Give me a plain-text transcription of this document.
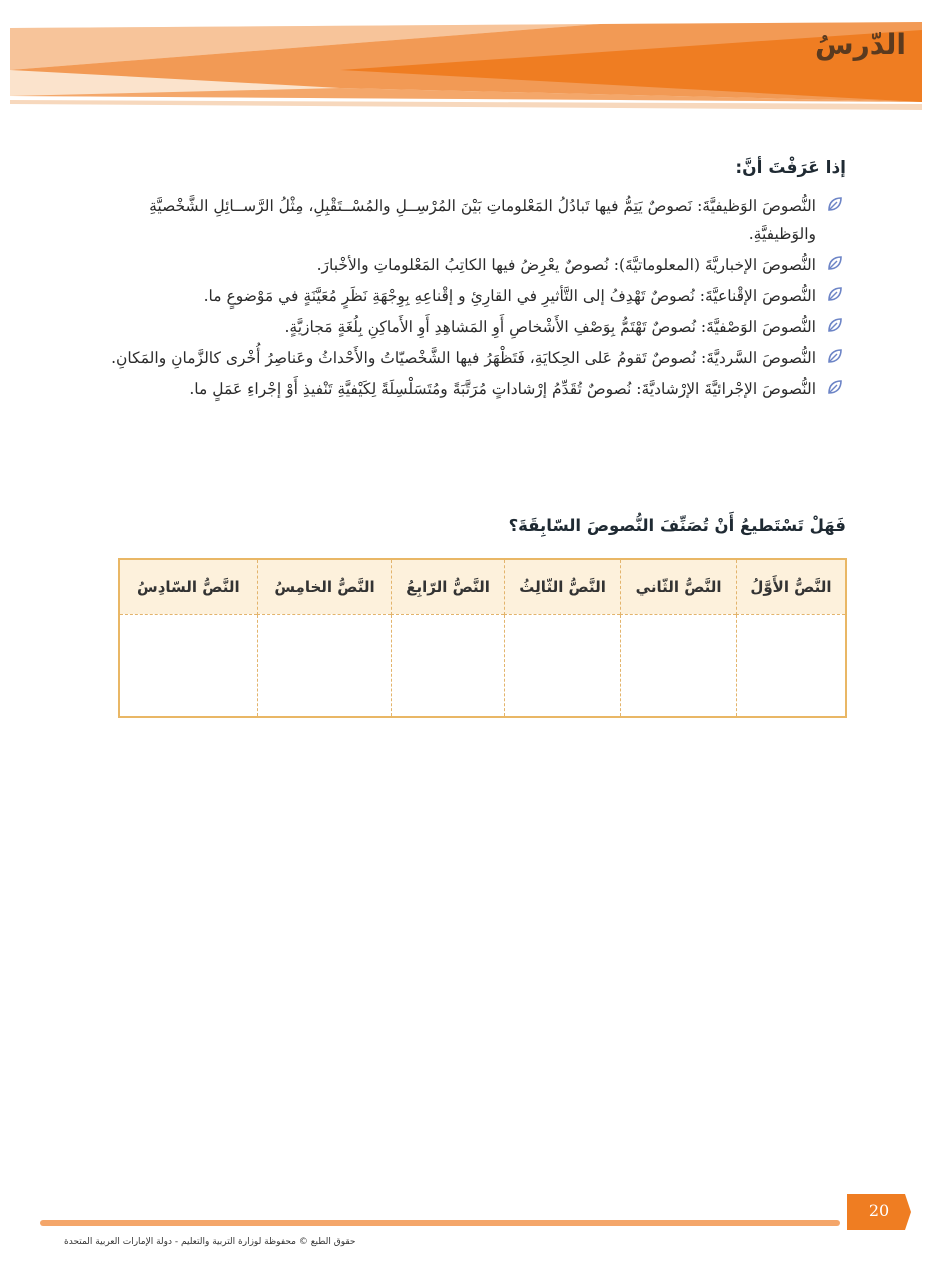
الدّرسُ
إذا عَرَفْتَ أنَّ:
النُّصوصَ الوَظيفيَّةَ: نَصوصٌ يَتِمُّ فيها تَبادُلُ المَعْلوماتِ بَيْنَ المُرْسِــلِ والمُسْــتَقْبِلِ، مِثْلُ الرَّســائِلِ الشَّخْصيَّةِ والوَظيفيَّةِ.
النُّصوصَ الإخباريَّةَ (المعلوماتيَّةَ): نُصوصٌ يعْرِضُ فيها الكاتِبُ المَعْلوماتِ والأخْبارَ.
النُّصوصَ الإقْناعيَّةَ: نُصوصٌ تَهْدِفُ إلى التَّأثيرِ في القارِئِ و إقْناعِهِ بِوِجْهَةِ نَظَرٍ مُعَيَّنَةٍ في مَوْضوعٍ ما.
النُّصوصَ الوَصْفيَّةَ: نُصوصٌ تَهْتَمُّ بِوَصْفِ الأَشْخاصِ أَوِ المَشاهِدِ أَوِ الأَماكِنِ بِلُغَةٍ مَجازيَّةٍ.
النُّصوصَ السَّرديَّةَ: نُصوصٌ تَقومُ عَلى الحِكايَةِ، فَتَظْهَرُ فيها الشَّخْصيّاتُ والأَحْداثُ وعَناصِرُ أُخْرى كالزَّمانِ والمَكانِ.
النُّصوصَ الإجْرائيَّةَ الإرْشاديَّةَ: نُصوصٌ تُقَدِّمُ إرْشاداتٍ مُرَتَّبَةً ومُتَسَلْسِلَةً لِكَيْفيَّةِ تَنْفيذِ أَوْ إجْراءِ عَمَلٍ ما.
فَهَلْ تَسْتَطيعُ أَنْ تُصَنِّفَ النُّصوصَ السّابِقَةَ؟
النَّصُّ الأَوَّلُ	النَّصُّ الثّاني	النَّصُّ الثّالِثُ	النَّصُّ الرّابِعُ	النَّصُّ الخامِسُ	النَّصُّ السّادِسُ

20
حقوق الطبع © محفوظة لوزارة التربية والتعليم - دولة الإمارات العربية المتحدة
